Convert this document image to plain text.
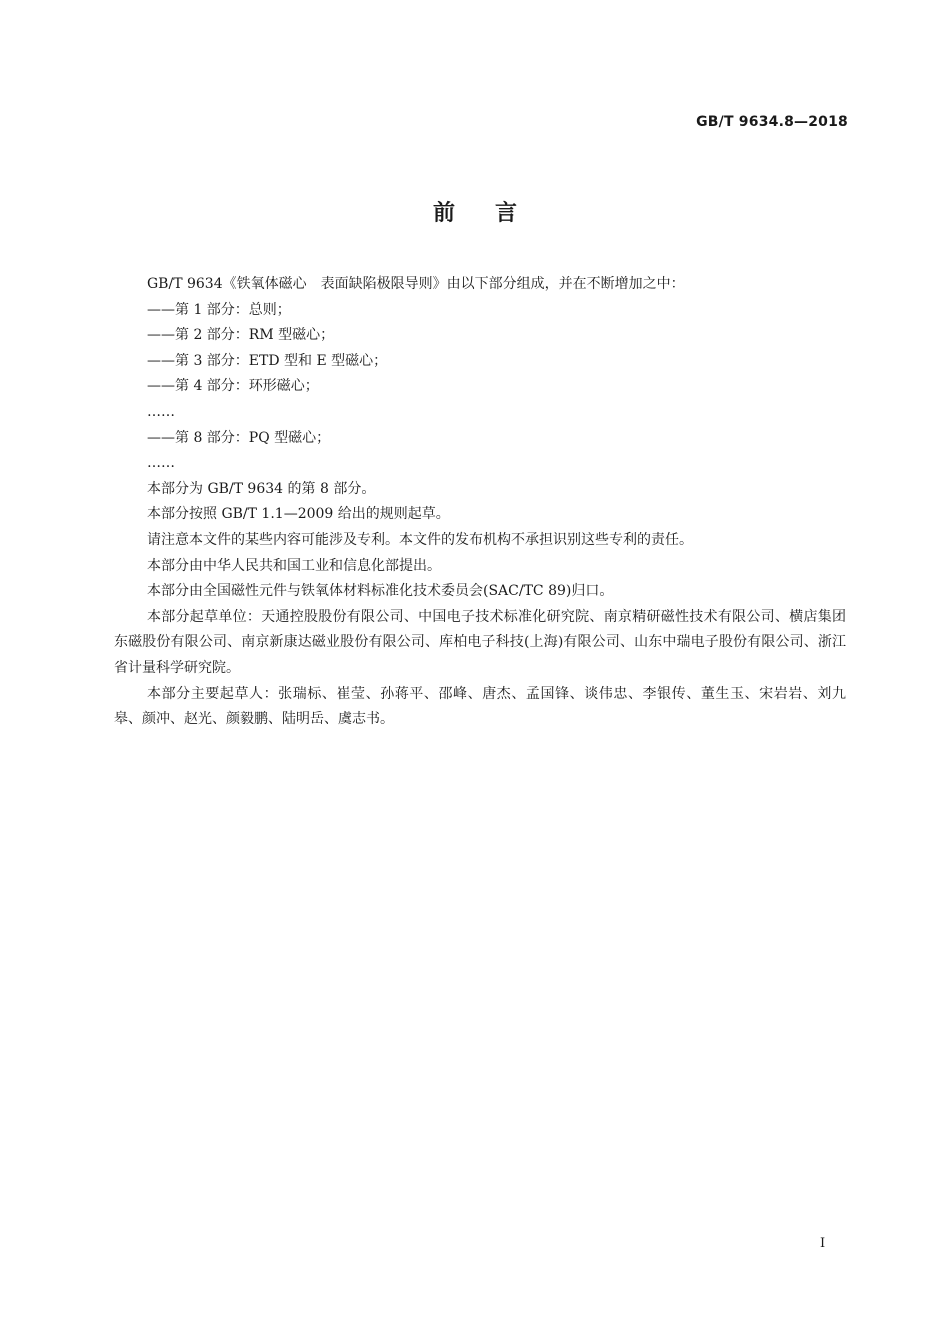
GB/T 9634.8—2018
前言

GB/T 9634《铁氧体磁心　表面缺陷极限导则》由以下部分组成，并在不断增加之中：

——第 1 部分：总则；

——第 2 部分：RM 型磁心；

——第 3 部分：ETD 型和 E 型磁心；

——第 4 部分：环形磁心；

……

——第 8 部分：PQ 型磁心；

……

本部分为 GB/T 9634 的第 8 部分。

本部分按照 GB/T 1.1—2009 给出的规则起草。

请注意本文件的某些内容可能涉及专利。本文件的发布机构不承担识别这些专利的责任。

本部分由中华人民共和国工业和信息化部提出。

本部分由全国磁性元件与铁氧体材料标准化技术委员会(SAC/TC 89)归口。

本部分起草单位：天通控股股份有限公司、中国电子技术标准化研究院、南京精研磁性技术有限公司、横店集团东磁股份有限公司、南京新康达磁业股份有限公司、库柏电子科技(上海)有限公司、山东中瑞电子股份有限公司、浙江省计量科学研究院。

本部分主要起草人：张瑞标、崔莹、孙蒋平、邵峰、唐杰、孟国锋、谈伟忠、李银传、董生玉、宋岩岩、刘九皋、颜冲、赵光、颜毅鹏、陆明岳、虞志书。

I
